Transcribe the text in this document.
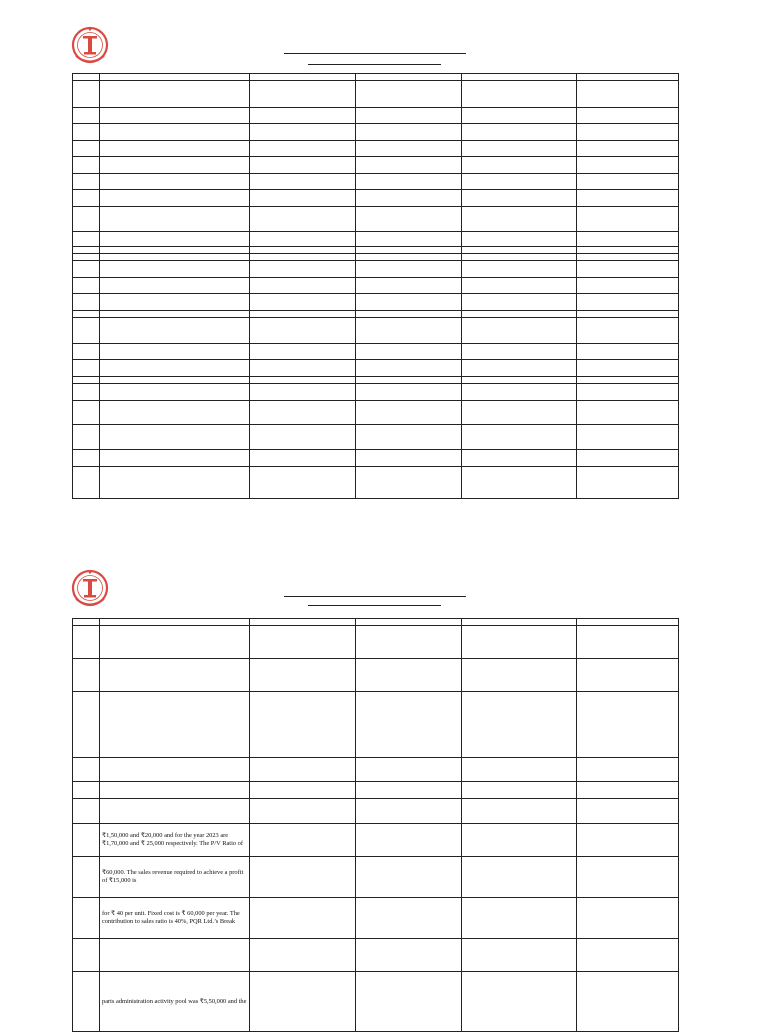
	₹1,50,000 and ₹20,000 and for the year 2023 are
₹1,70,000 and ₹ 25,000 respectively. The P/V Ratio of				

	₹60,000. The sales revenue required to achieve a profit
of ₹15,000 is				

	for ₹ 40 per unit. Fixed cost is ₹ 60,000 per year. The
contribution to sales ratio is 40%, PQR Ltd.’s Break				

	parts administration activity pool was ₹5,50,000 and the				
